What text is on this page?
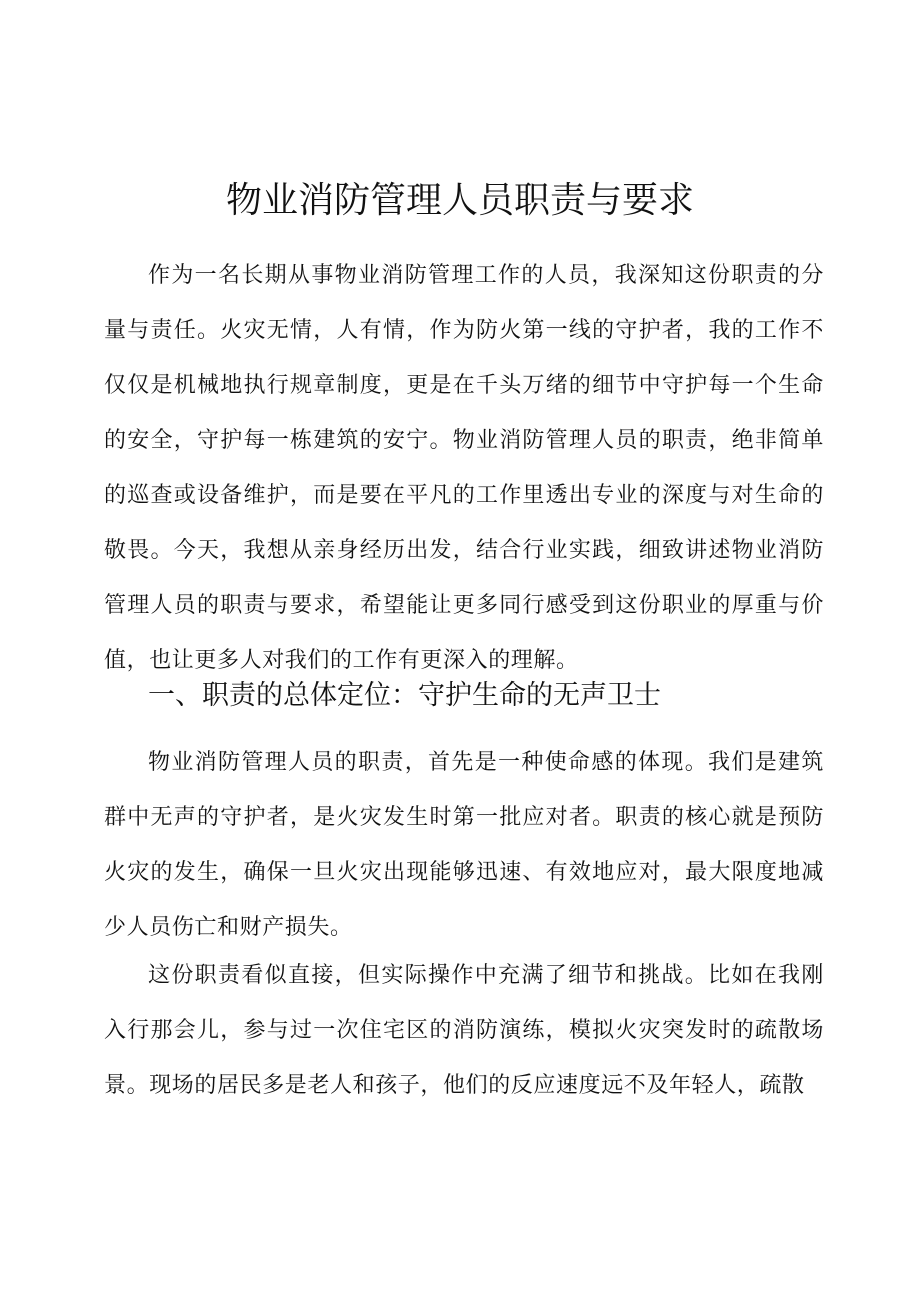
物业消防管理人员职责与要求

作为一名长期从事物业消防管理工作的人员，我深知这份职责的分量与责任。火灾无情，人有情，作为防火第一线的守护者，我的工作不仅仅是机械地执行规章制度，更是在千头万绪的细节中守护每一个生命的安全，守护每一栋建筑的安宁。物业消防管理人员的职责，绝非简单的巡查或设备维护，而是要在平凡的工作里透出专业的深度与对生命的敬畏。今天，我想从亲身经历出发，结合行业实践，细致讲述物业消防管理人员的职责与要求，希望能让更多同行感受到这份职业的厚重与价值，也让更多人对我们的工作有更深入的理解。

一、职责的总体定位：守护生命的无声卫士

物业消防管理人员的职责，首先是一种使命感的体现。我们是建筑群中无声的守护者，是火灾发生时第一批应对者。职责的核心就是预防火灾的发生，确保一旦火灾出现能够迅速、有效地应对，最大限度地减少人员伤亡和财产损失。

这份职责看似直接，但实际操作中充满了细节和挑战。比如在我刚入行那会儿，参与过一次住宅区的消防演练，模拟火灾突发时的疏散场景。现场的居民多是老人和孩子，他们的反应速度远不及年轻人，疏散
